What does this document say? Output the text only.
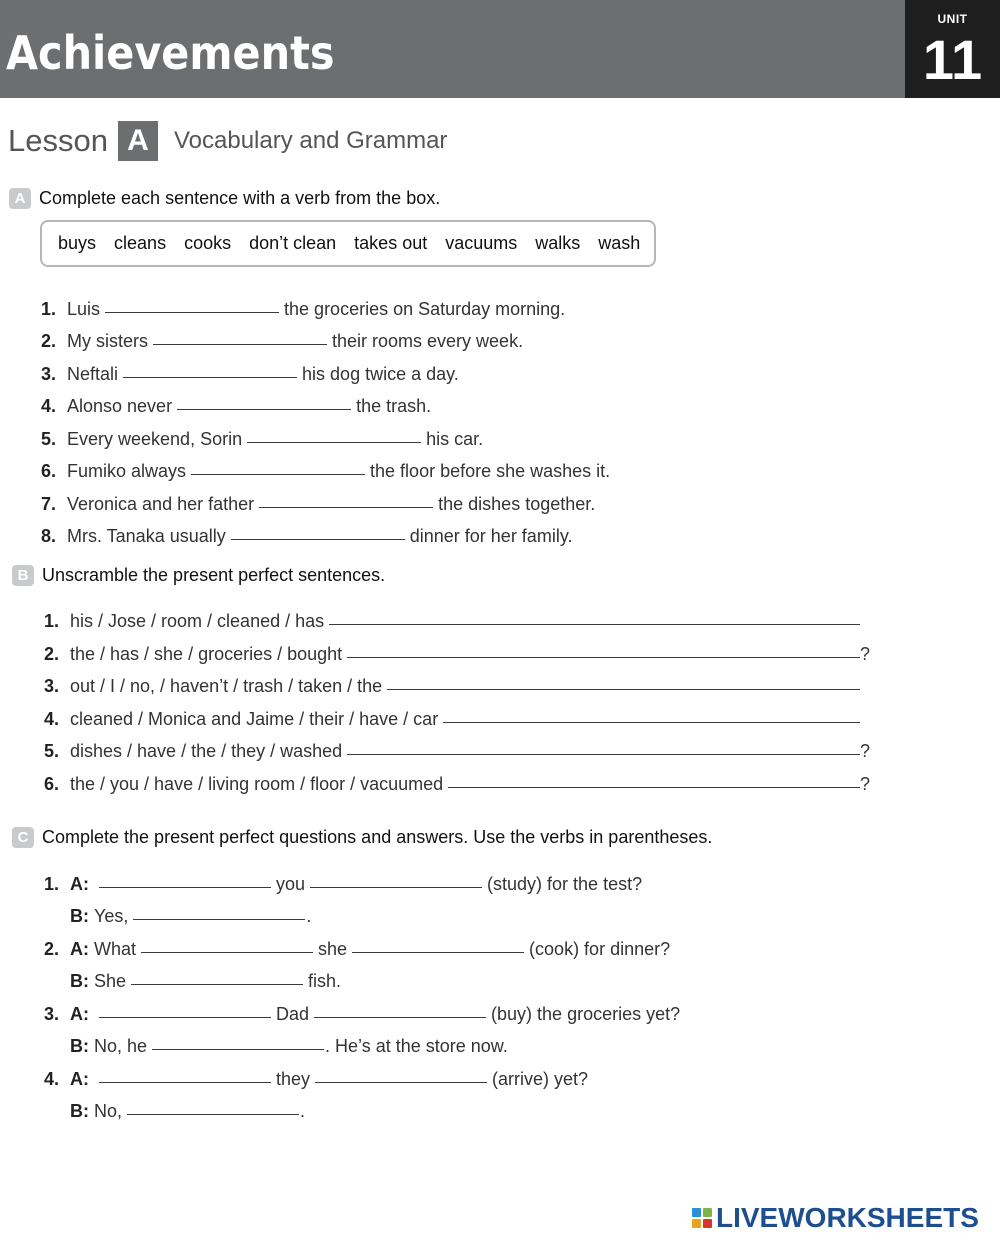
Achievements
UNIT
11
Lesson A	Vocabulary and Grammar
A Complete each sentence with a verb from the box.
buys cleans cooks don’t clean takes out vacuums walks wash
1. Luis	the groceries on Saturday morning.
2. My sisters	their rooms every week.
3. Neftali	his dog twice a day.
4. Alonso never	the trash.
5. Every weekend, Sorin	his car.
6. Fumiko always	the floor before she washes it.
7. Veronica and her father	the dishes together.
8. Mrs. Tanaka usually	dinner for her family.
B Unscramble the present perfect sentences.
1. his / Jose / room / cleaned / has
2. the / has / she / groceries / bought	?
3. out / I / no, / haven’t / trash / taken / the
4. cleaned / Monica and Jaime / their / have / car
5. dishes / have / the / they / washed	?
6. the / you / have / living room / floor / vacuumed	?
C Complete the present perfect questions and answers. Use the verbs in parentheses.
1. A:	you	(study) for the test?
B: Yes,	.
2. A: What	she	(cook) for dinner?
B: She	fish.
3. A:	Dad	(buy) the groceries yet?
B: No, he	. He’s at the store now.
4. A:	they	(arrive) yet?
B: No,	.
LIVEWORKSHEETS
